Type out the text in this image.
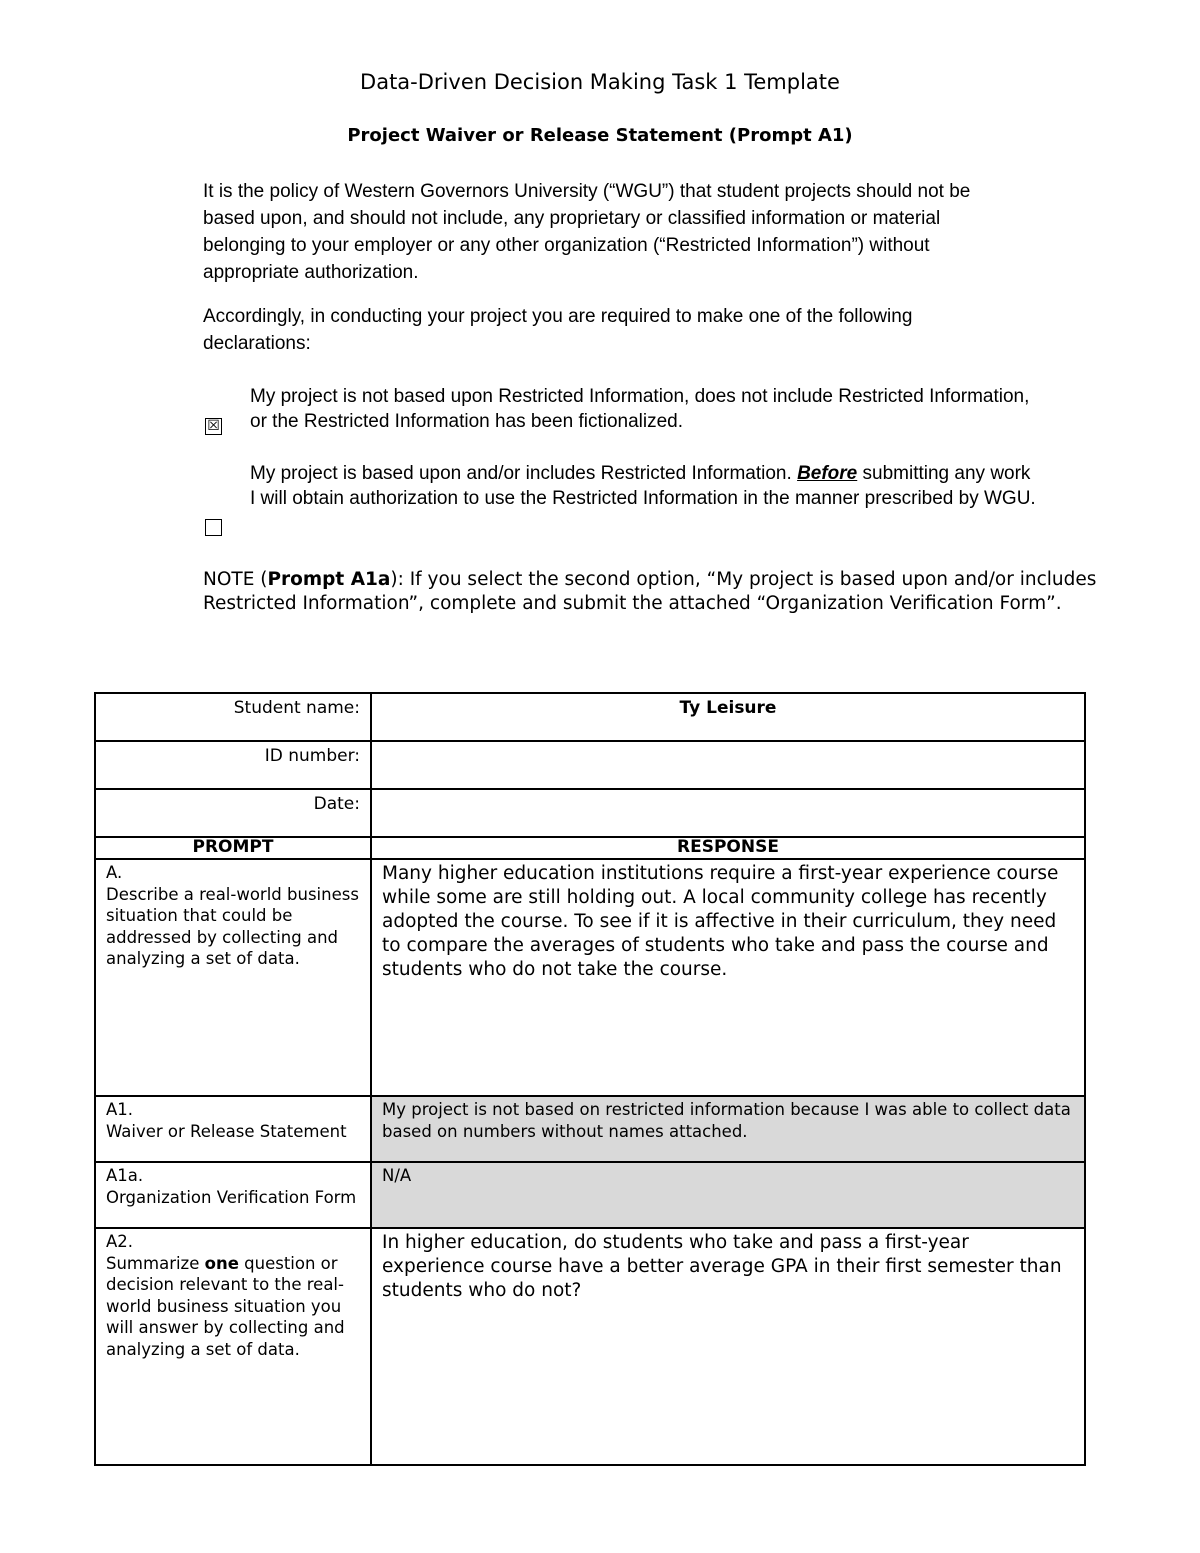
Data-Driven Decision Making Task 1 Template
Project Waiver or Release Statement (Prompt A1)
It is the policy of Western Governors University (“WGU”) that student projects should not be based upon, and should not include, any proprietary or classified information or material belonging to your employer or any other organization (“Restricted Information”) without appropriate authorization.
Accordingly, in conducting your project you are required to make one of the following declarations:
☒
My project is not based upon Restricted Information, does not include Restricted Information, or the Restricted Information has been fictionalized.
My project is based upon and/or includes Restricted Information. Before submitting any work I will obtain authorization to use the Restricted Information in the manner prescribed by WGU.
NOTE (Prompt A1a): If you select the second option, “My project is based upon and/or includes Restricted Information”, complete and submit the attached “Organization Verification Form”.
Student name:	Ty Leisure
ID number:	
Date:	
PROMPT	RESPONSE

A.
Describe a real-world business situation that could be addressed by collecting and analyzing a set of data.	Many higher education institutions require a first-year experience course while some are still holding out. A local community college has recently adopted the course. To see if it is affective in their curriculum, they need to compare the averages of students who take and pass the course and students who do not take the course.

A1.
Waiver or Release Statement	My project is not based on restricted information because I was able to collect data based on numbers without names attached.

A1a.
Organization Verification Form	N/A

A2.
Summarize one question or decision relevant to the real-world business situation you will answer by collecting and analyzing a set of data.	In higher education, do students who take and pass a first-year experience course have a better average GPA in their first semester than students who do not?
